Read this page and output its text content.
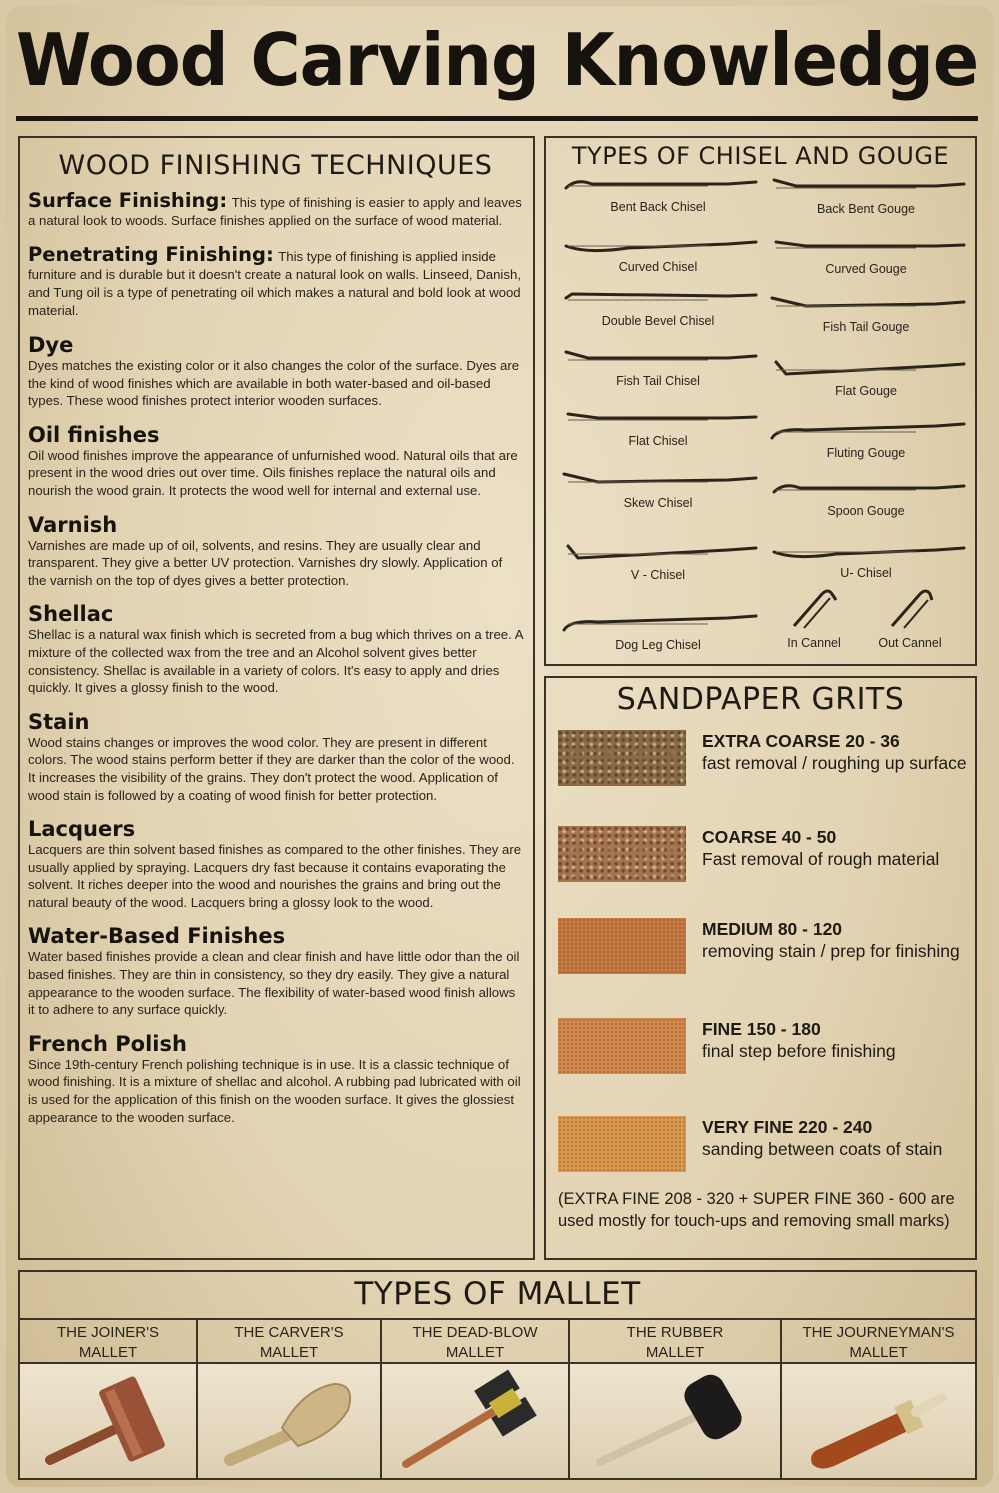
Wood Carving Knowledge
WOOD FINISHING TECHNIQUES
Surface Finishing: This type of finishing is easier to apply and leaves a natural look to woods. Surface finishes applied on the surface of wood material.
Penetrating Finishing: This type of finishing is applied inside furniture and is durable but it doesn't create a natural look on walls. Linseed, Danish, and Tung oil is a type of penetrating oil which makes a natural and bold look at wood material.
Dye
Dyes matches the existing color or it also changes the color of the surface. Dyes are the kind of wood finishes which are available in both water-based and oil-based types. These wood finishes protect interior wooden surfaces.
Oil finishes
Oil wood finishes improve the appearance of unfurnished wood. Natural oils that are present in the wood dries out over time. Oils finishes replace the natural oils and nourish the wood grain. It protects the wood well for internal and external use.
Varnish
Varnishes are made up of oil, solvents, and resins. They are usually clear and transparent. They give a better UV protection. Varnishes dry slowly. Application of the varnish on the top of dyes gives a better protection.
Shellac
Shellac is a natural wax finish which is secreted from a bug which thrives on a tree. A mixture of the collected wax from the tree and an Alcohol solvent gives better consistency. Shellac is available in a variety of colors. It's easy to apply and dries quickly. It gives a glossy finish to the wood.
Stain
Wood stains changes or improves the wood color. They are present in different colors. The wood stains perform better if they are darker than the color of the wood. It increases the visibility of the grains. They don't protect the wood. Application of wood stain is followed by a coating of wood finish for better protection.
Lacquers
Lacquers are thin solvent based finishes as compared to the other finishes. They are usually applied by spraying. Lacquers dry fast because it contains evaporating the solvent. It riches deeper into the wood and nourishes the grains and bring out the natural beauty of the wood. Lacquers bring a glossy look to the wood.
Water-Based Finishes
Water based finishes provide a clean and clear finish and have little odor than the oil based finishes. They are thin in consistency, so they dry easily. They give a natural appearance to the wooden surface. The flexibility of water-based wood finish allows it to adhere to any surface quickly.
French Polish
Since 19th-century French polishing technique is in use. It is a classic technique of wood finishing. It is a mixture of shellac and alcohol. A rubbing pad lubricated with oil is used for the application of this finish on the wooden surface. It gives the glossiest appearance to the wooden surface.
TYPES OF CHISEL AND GOUGE
Bent Back Chisel
Curved Chisel
Double Bevel Chisel
Fish Tail Chisel
Flat Chisel
Skew Chisel
V - Chisel
Dog Leg Chisel
Back Bent Gouge
Curved Gouge
Fish Tail Gouge
Flat Gouge
Fluting Gouge
Spoon Gouge
U- Chisel
In Cannel	Out Cannel
SANDPAPER GRITS
EXTRA COARSE 20 - 36
fast removal / roughing up surface
COARSE 40 - 50
Fast removal of rough material
MEDIUM 80 - 120
removing stain / prep for finishing
FINE 150 - 180
final step before finishing
VERY FINE 220 - 240
sanding between coats of stain
(EXTRA FINE 208 - 320 + SUPER FINE 360 - 600 are used mostly for touch-ups and removing small marks)
TYPES OF MALLET
THE JOINER'S
MALLET
THE CARVER'S
MALLET
THE DEAD-BLOW
MALLET
THE RUBBER
MALLET
THE JOURNEYMAN'S
MALLET
